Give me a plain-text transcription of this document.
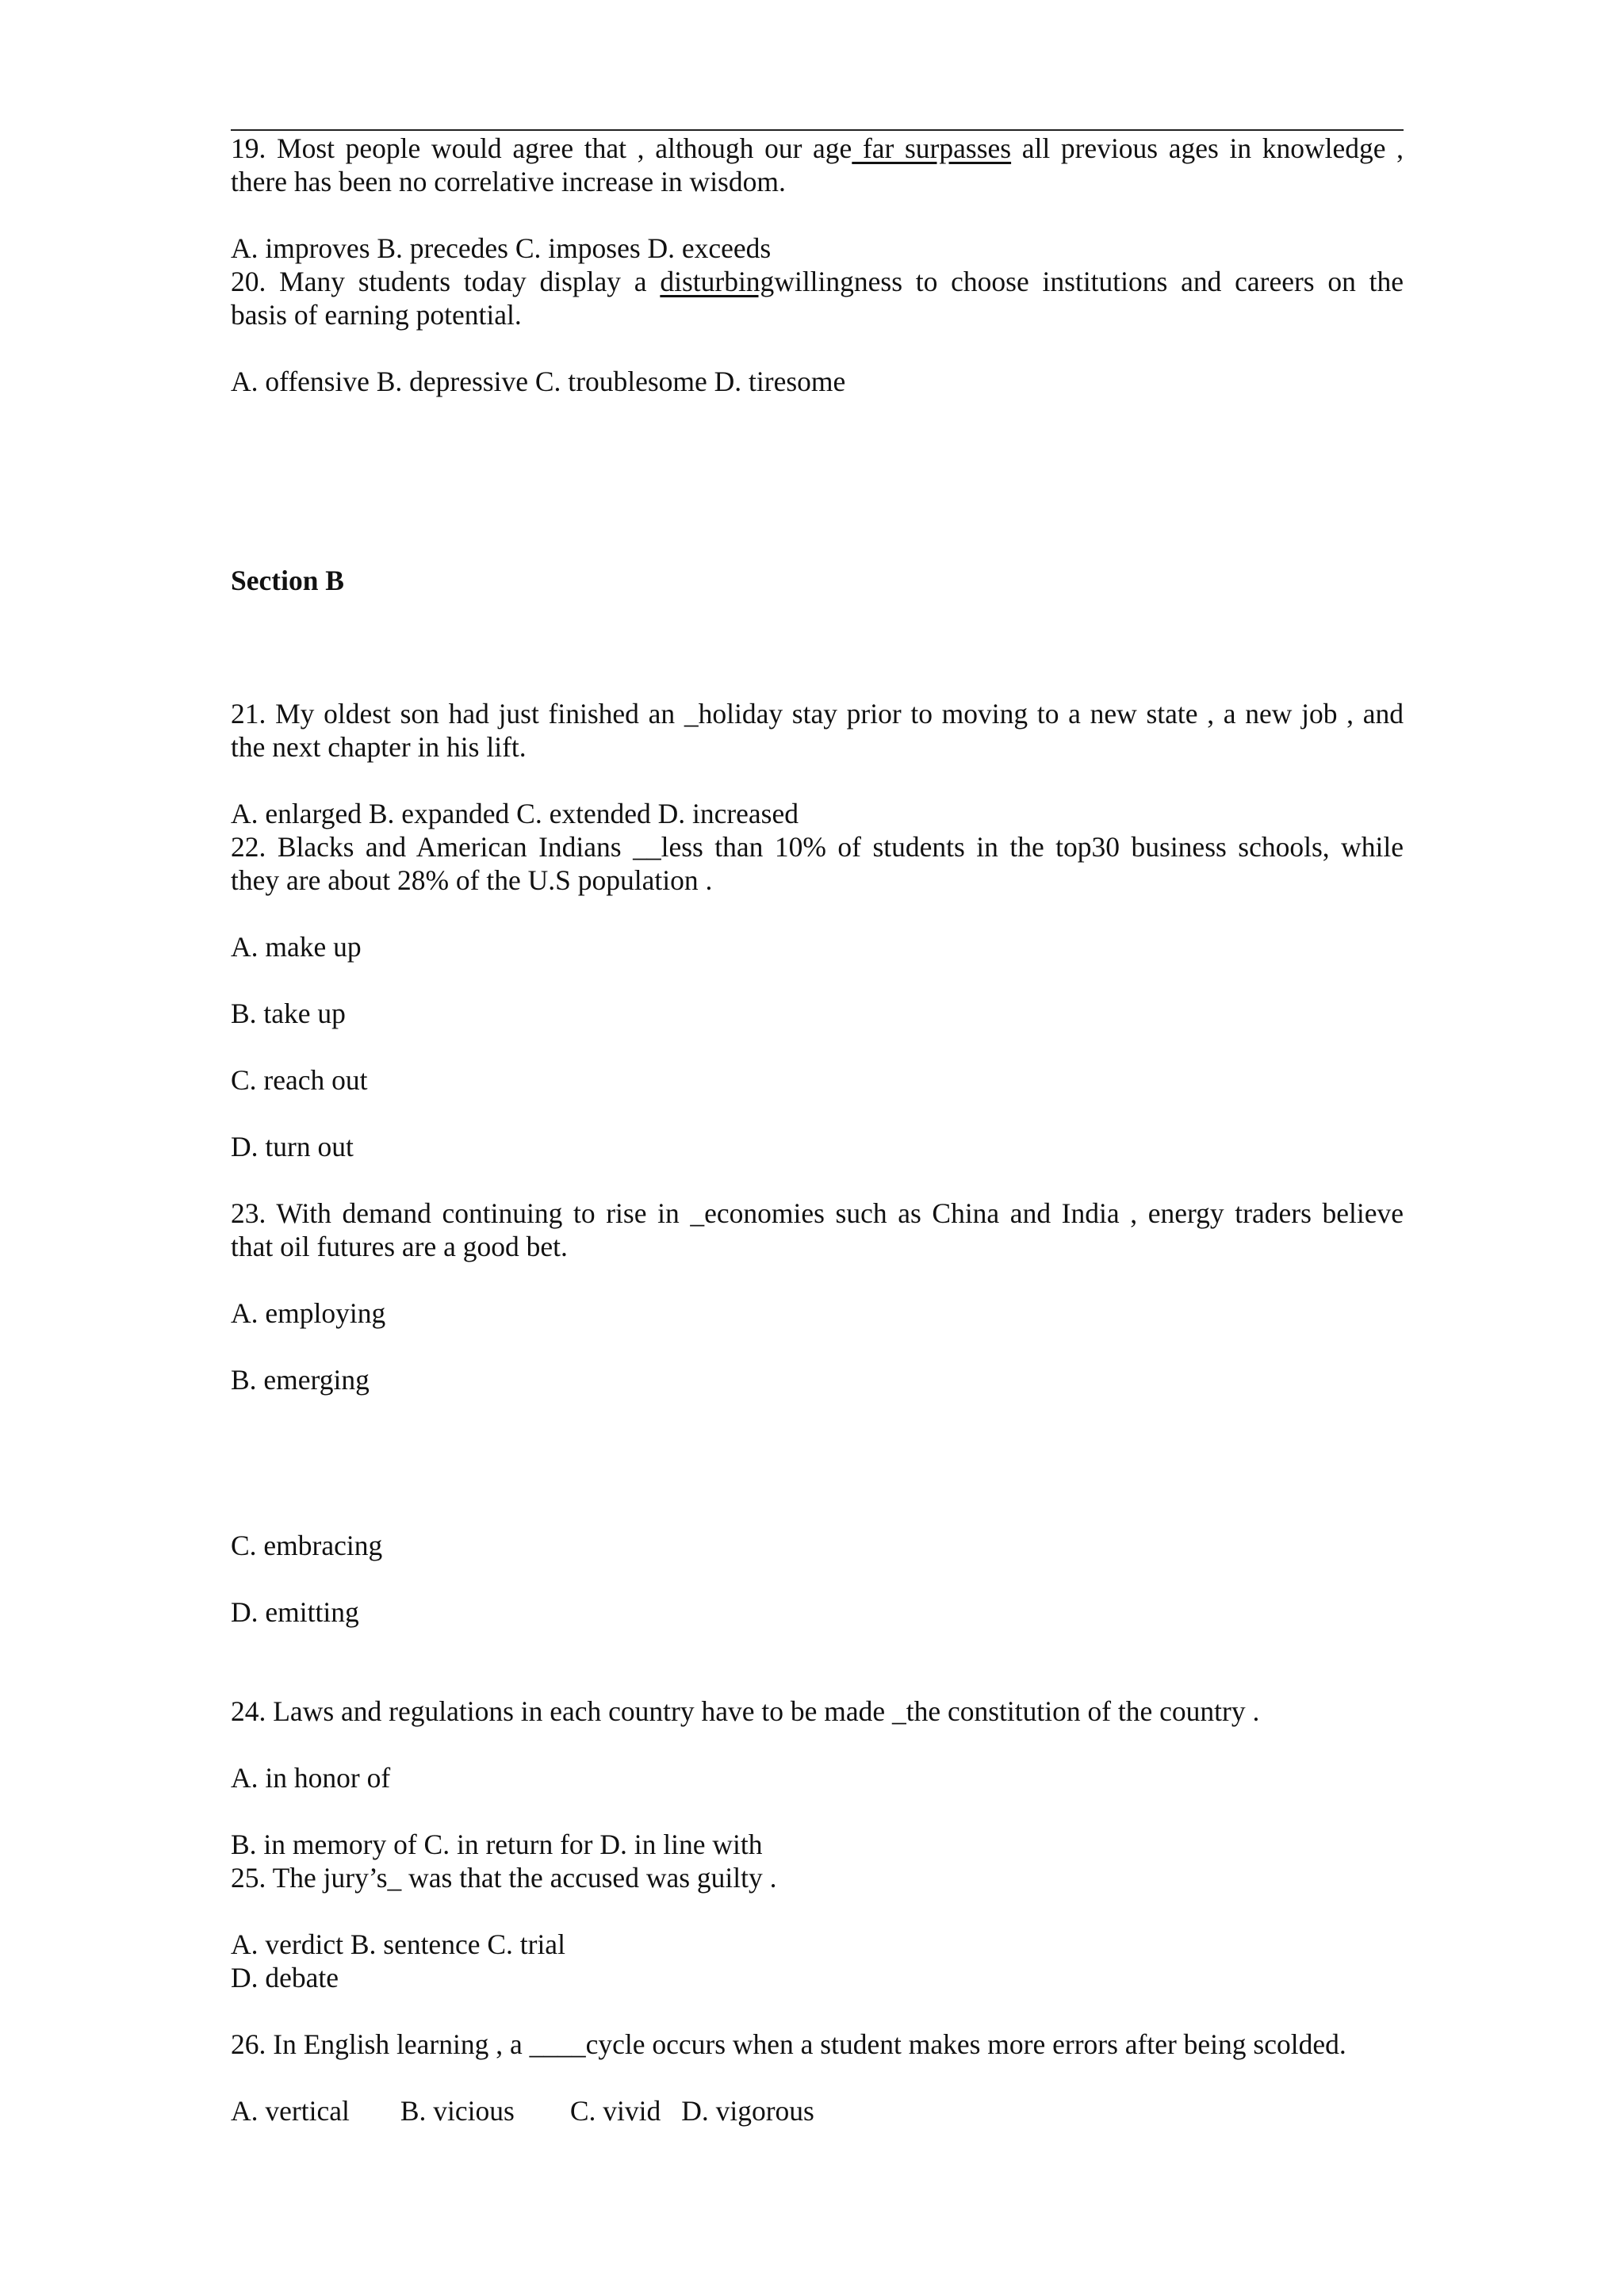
19. Most people would agree that , although our age far surpasses all previous ages in knowledge ,
there has been no correlative increase in wisdom.
A. improves B. precedes C. imposes D. exceeds
20. Many students today display a disturbingwillingness to choose institutions and careers on the
basis of earning potential.
A. offensive B. depressive C. troublesome D. tiresome
Section B
21. My oldest son had just finished an _holiday stay prior to moving to a new state , a new job , and
the next chapter in his lift.
A. enlarged B. expanded C. extended D. increased
22. Blacks and American Indians __less than 10% of students in the top30 business schools, while
they are about 28% of the U.S population .
A. make up
B. take up
C. reach out
D. turn out
23. With demand continuing to rise in _economies such as China and India , energy traders believe
that oil futures are a good bet.
A. employing
B. emerging
C. embracing
D. emitting
24. Laws and regulations in each country have to be made _the constitution of the country .
A. in honor of
B. in memory of C. in return for D. in line with
25. The jury’s_ was that the accused was guilty .
A. verdict B. sentence C. trial
D. debate
26. In English learning , a ____cycle occurs when a student makes more errors after being scolded.
A. vertical B. vicious C. vivid D. vigorous
